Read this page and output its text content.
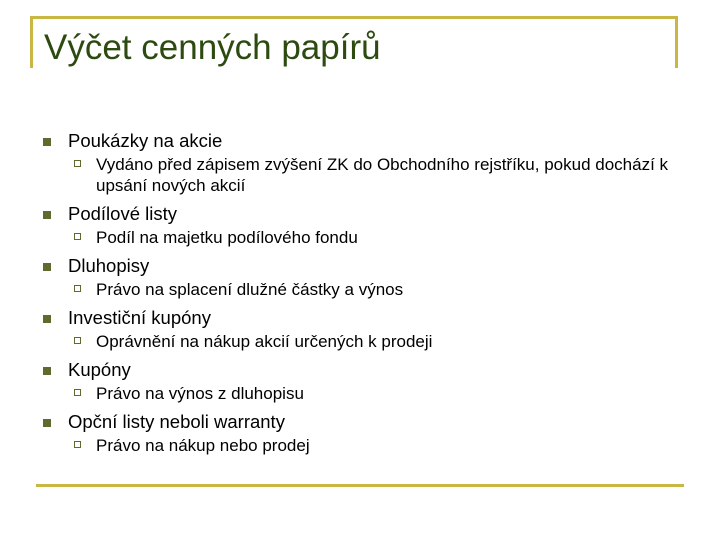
Výčet cenných papírů
Poukázky na akcie
Vydáno před zápisem zvýšení ZK do Obchodního rejstříku, pokud dochází k upsání nových akcií
Podílové listy
Podíl na majetku podílového fondu
Dluhopisy
Právo na splacení dlužné částky a výnos
Investiční kupóny
Oprávnění na nákup akcií určených k prodeji
Kupóny
Právo na výnos z dluhopisu
Opční listy neboli warranty
Právo na nákup nebo prodej
